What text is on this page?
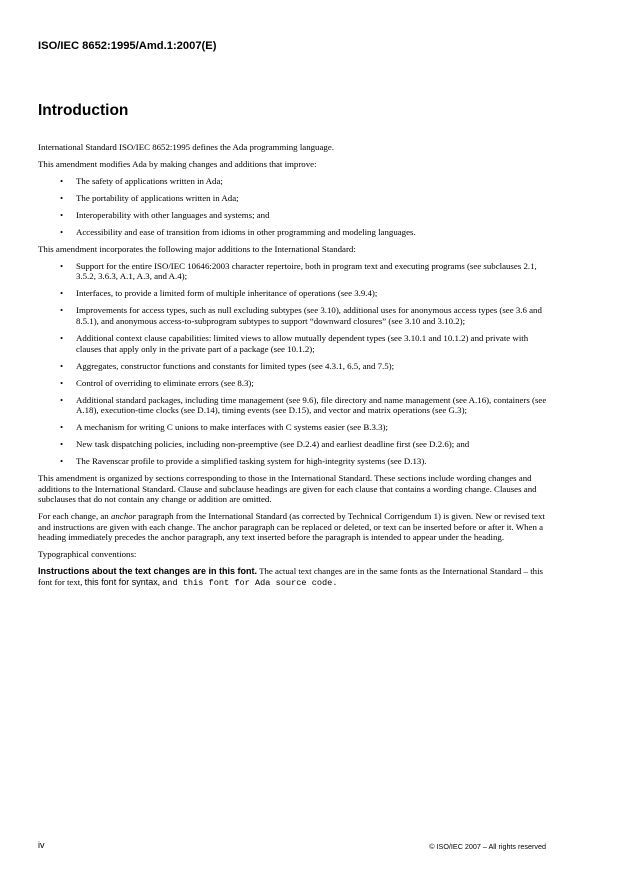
ISO/IEC 8652:1995/Amd.1:2007(E)
Introduction

International Standard ISO/IEC 8652:1995 defines the Ada programming language.

This amendment modifies Ada by making changes and additions that improve:

• The safety of applications written in Ada;
• The portability of applications written in Ada;
• Interoperability with other languages and systems; and
• Accessibility and ease of transition from idioms in other programming and modeling languages.

This amendment incorporates the following major additions to the International Standard:

• Support for the entire ISO/IEC 10646:2003 character repertoire, both in program text and executing programs (see subclauses 2.1, 3.5.2, 3.6.3, A.1, A.3, and A.4);
• Interfaces, to provide a limited form of multiple inheritance of operations (see 3.9.4);
• Improvements for access types, such as null excluding subtypes (see 3.10), additional uses for anonymous access types (see 3.6 and 8.5.1), and anonymous access-to-subprogram subtypes to support “downward closures” (see 3.10 and 3.10.2);
• Additional context clause capabilities: limited views to allow mutually dependent types (see 3.10.1 and 10.1.2) and private with clauses that apply only in the private part of a package (see 10.1.2);
• Aggregates, constructor functions and constants for limited types (see 4.3.1, 6.5, and 7.5);
• Control of overriding to eliminate errors (see 8.3);
• Additional standard packages, including time management (see 9.6), file directory and name management (see A.16), containers (see A.18), execution-time clocks (see D.14), timing events (see D.15), and vector and matrix operations (see G.3);
• A mechanism for writing C unions to make interfaces with C systems easier (see B.3.3);
• New task dispatching policies, including non-preemptive (see D.2.4) and earliest deadline first (see D.2.6); and
• The Ravenscar profile to provide a simplified tasking system for high-integrity systems (see D.13).

This amendment is organized by sections corresponding to those in the International Standard. These sections include wording changes and additions to the International Standard. Clause and subclause headings are given for each clause that contains a wording change. Clauses and subclauses that do not contain any change or addition are omitted.

For each change, an anchor paragraph from the International Standard (as corrected by Technical Corrigendum 1) is given. New or revised text and instructions are given with each change. The anchor paragraph can be replaced or deleted, or text can be inserted before or after it. When a heading immediately precedes the anchor paragraph, any text inserted before the paragraph is intended to appear under the heading.

Typographical conventions:

Instructions about the text changes are in this font. The actual text changes are in the same fonts as the International Standard – this font for text, this font for syntax, and this font for Ada source code.

iv	© ISO/IEC 2007 – All rights reserved
